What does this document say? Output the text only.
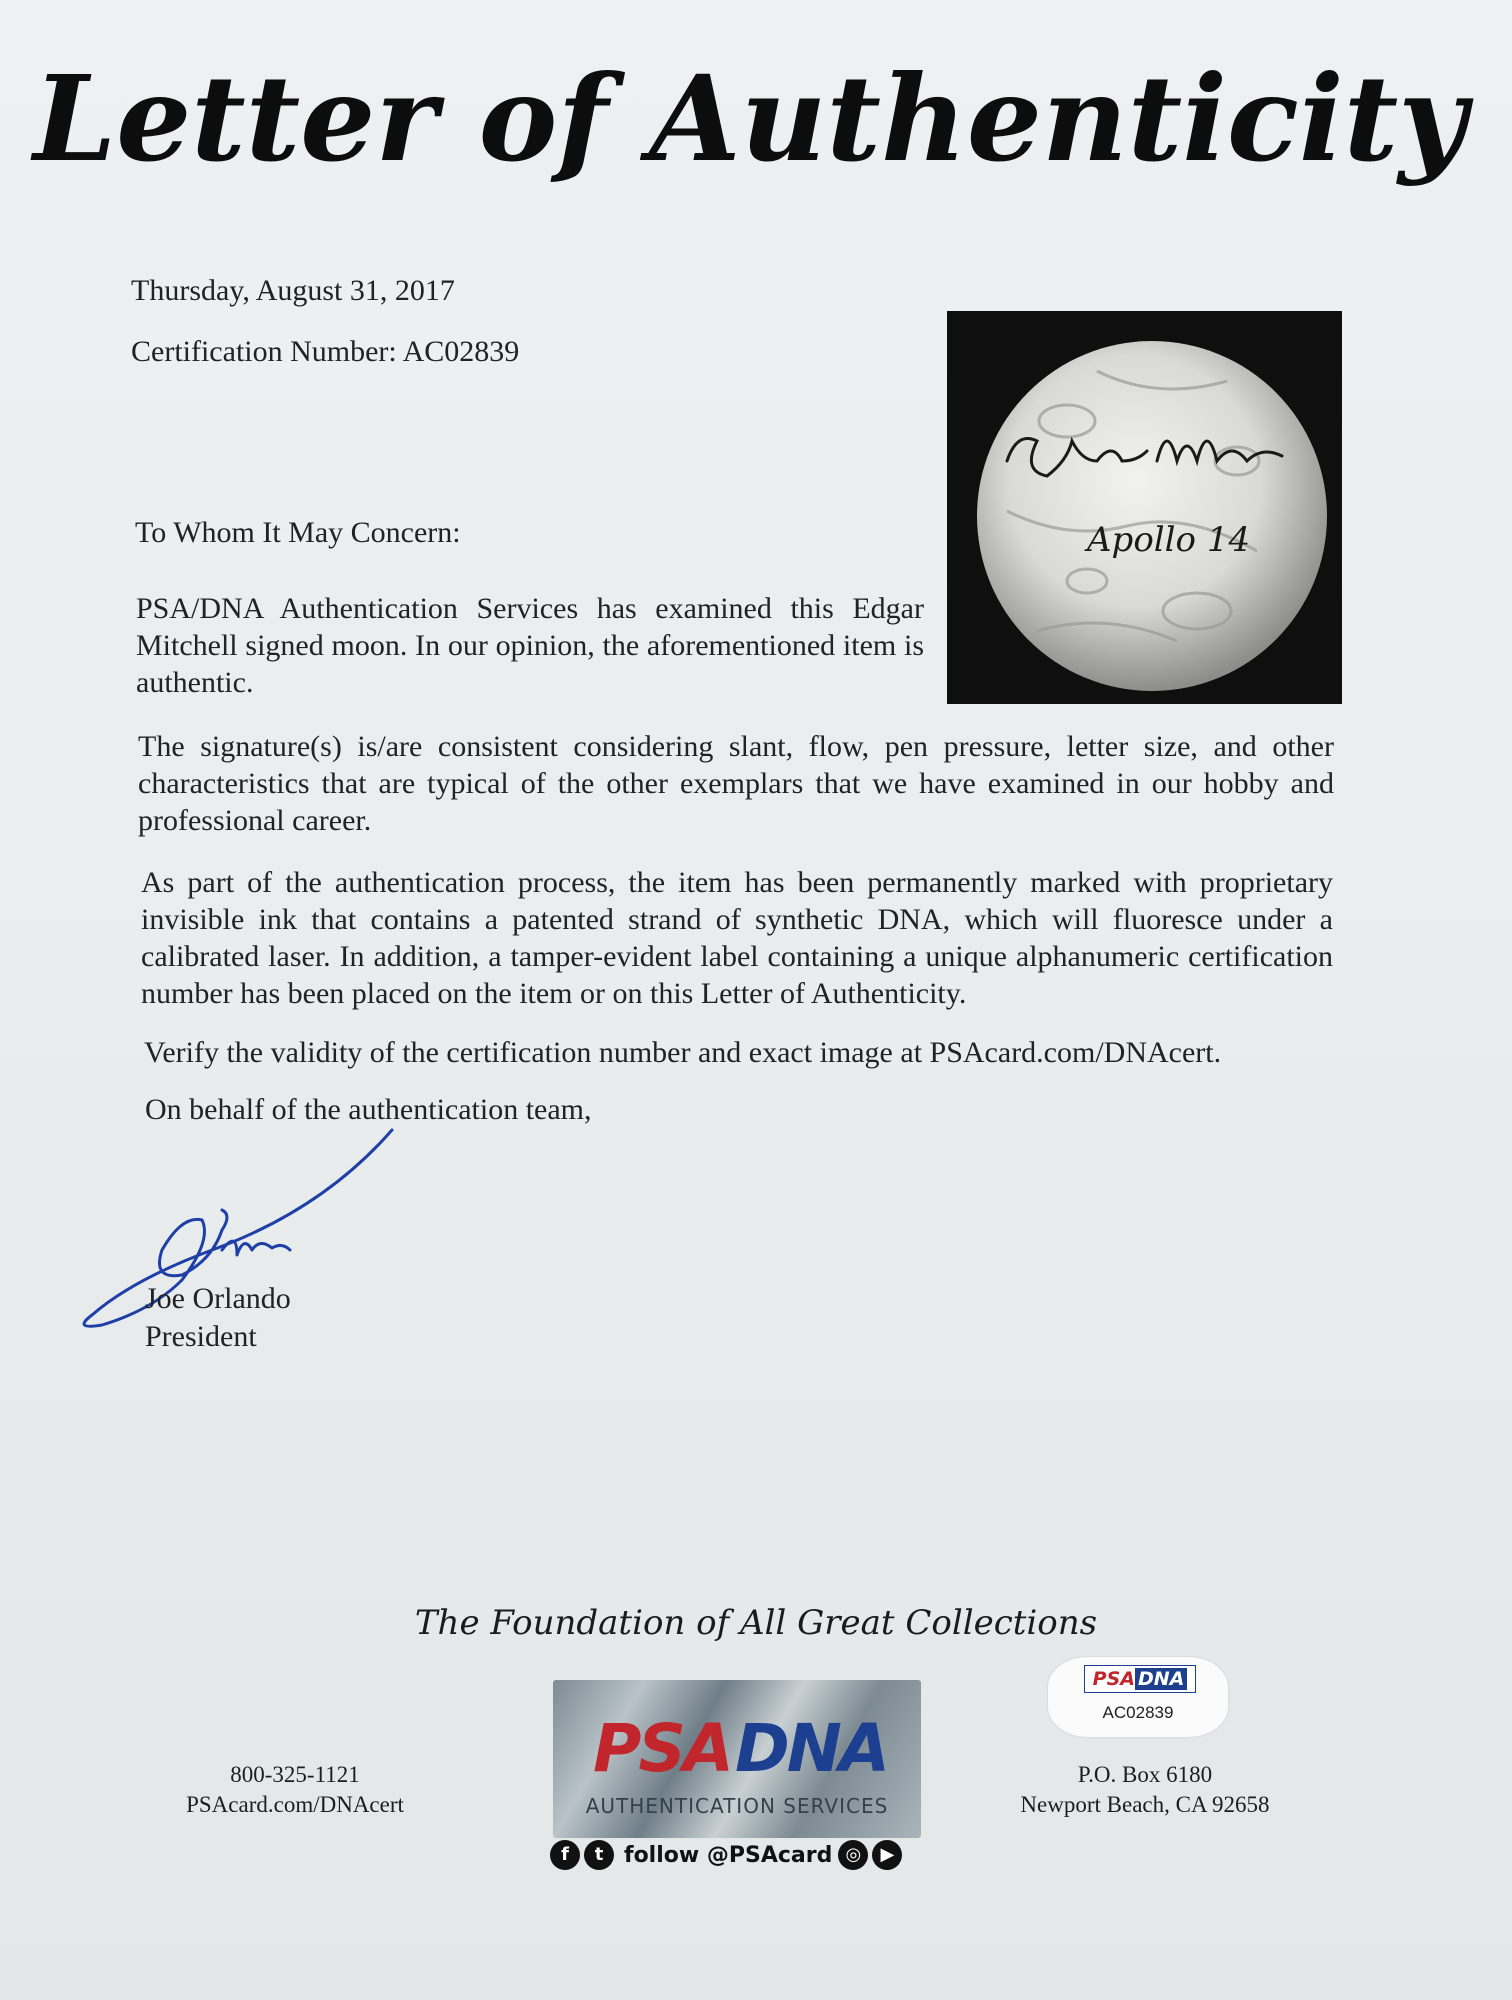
Letter of Authenticity
Thursday, August 31, 2017
Certification Number: AC02839
Apollo 14
To Whom It May Concern:
PSA/DNA Authentication Services has examined this Edgar Mitchell signed moon. In our opinion, the aforementioned item is authentic.
The signature(s) is/are consistent considering slant, flow, pen pressure, letter size, and other characteristics that are typical of the other exemplars that we have examined in our hobby and professional career.
As part of the authentication process, the item has been permanently marked with proprietary invisible ink that contains a patented strand of synthetic DNA, which will fluoresce under a calibrated laser. In addition, a tamper-evident label containing a unique alphanumeric certification number has been placed on the item or on this Letter of Authenticity.
Verify the validity of the certification number and exact image at PSAcard.com/DNAcert.
On behalf of the authentication team,
Joe Orlando
President
The Foundation of All Great Collections
800-325-1121
PSAcard.com/DNAcert
PSA DNA
AUTHENTICATION SERVICES
f t follow @PSAcard ◎ ▶
PSA DNA
AC02839
P.O. Box 6180
Newport Beach, CA 92658
